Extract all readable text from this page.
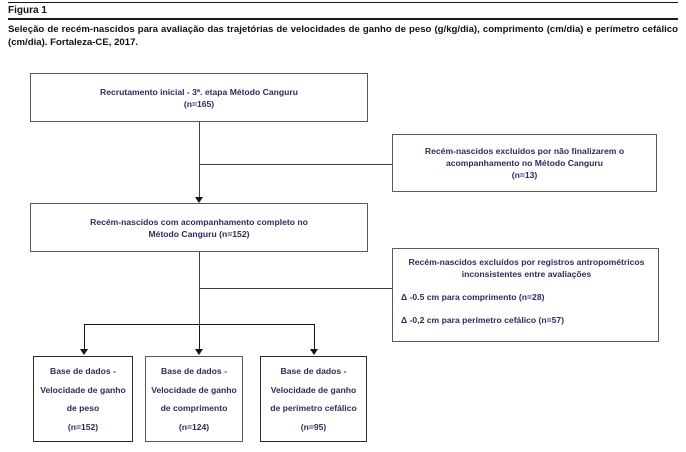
Figura 1
Seleção de recém-nascidos para avaliação das trajetórias de velocidades de ganho de peso (g/kg/dia), comprimento (cm/dia) e perímetro cefálico (cm/dia). Fortaleza-CE, 2017.
Recrutamento inicial - 3ª. etapa Método Canguru
(n=165)
Recém-nascidos excluídos por não finalizarem o
acompanhamento no Método Canguru
(n=13)
Recém-nascidos com acompanhamento completo no
Método Canguru (n=152)
Recém-nascidos excluídos por registros antropométricos
inconsistentes entre avaliações
Δ -0.5 cm para comprimento (n=28)
Δ -0,2 cm para perímetro cefálico (n=57)
Base de dados -
Velocidade de ganho
de peso
(n=152)
Base de dados -
Velocidade de ganho
de comprimento
(n=124)
Base de dados -
Velocidade de ganho
de perímetro cefálico
(n=95)
